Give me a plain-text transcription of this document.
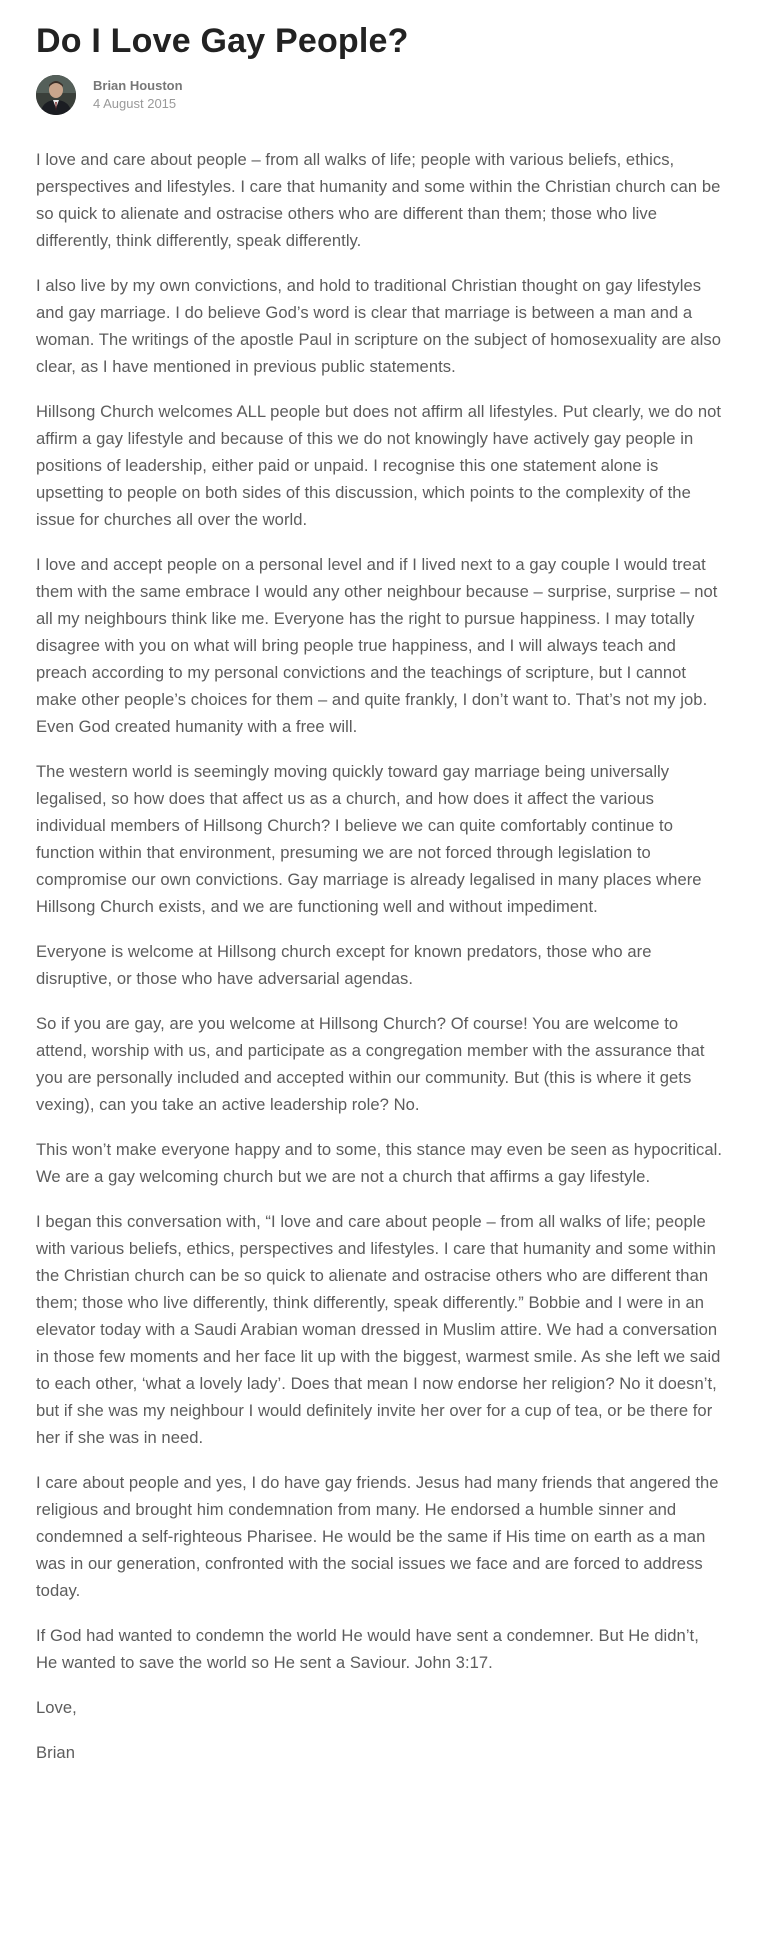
Do I Love Gay People?
Brian Houston
4 August 2015

I love and care about people – from all walks of life; people with various beliefs, ethics, perspectives and lifestyles. I care that humanity and some within the Christian church can be so quick to alienate and ostracise others who are different than them; those who live differently, think differently, speak differently.

I also live by my own convictions, and hold to traditional Christian thought on gay lifestyles and gay marriage. I do believe God’s word is clear that marriage is between a man and a woman. The writings of the apostle Paul in scripture on the subject of homosexuality are also clear, as I have mentioned in previous public statements.

Hillsong Church welcomes ALL people but does not affirm all lifestyles. Put clearly, we do not affirm a gay lifestyle and because of this we do not knowingly have actively gay people in positions of leadership, either paid or unpaid. I recognise this one statement alone is upsetting to people on both sides of this discussion, which points to the complexity of the issue for churches all over the world.

I love and accept people on a personal level and if I lived next to a gay couple I would treat them with the same embrace I would any other neighbour because – surprise, surprise – not all my neighbours think like me. Everyone has the right to pursue happiness. I may totally disagree with you on what will bring people true happiness, and I will always teach and preach according to my personal convictions and the teachings of scripture, but I cannot make other people’s choices for them – and quite frankly, I don’t want to. That’s not my job. Even God created humanity with a free will.

The western world is seemingly moving quickly toward gay marriage being universally legalised, so how does that affect us as a church, and how does it affect the various individual members of Hillsong Church? I believe we can quite comfortably continue to function within that environment, presuming we are not forced through legislation to compromise our own convictions. Gay marriage is already legalised in many places where Hillsong Church exists, and we are functioning well and without impediment.

Everyone is welcome at Hillsong church except for known predators, those who are disruptive, or those who have adversarial agendas.

So if you are gay, are you welcome at Hillsong Church? Of course! You are welcome to attend, worship with us, and participate as a congregation member with the assurance that you are personally included and accepted within our community. But (this is where it gets vexing), can you take an active leadership role? No.

This won’t make everyone happy and to some, this stance may even be seen as hypocritical. We are a gay welcoming church but we are not a church that affirms a gay lifestyle.

I began this conversation with, “I love and care about people – from all walks of life; people with various beliefs, ethics, perspectives and lifestyles. I care that humanity and some within the Christian church can be so quick to alienate and ostracise others who are different than them; those who live differently, think differently, speak differently.” Bobbie and I were in an elevator today with a Saudi Arabian woman dressed in Muslim attire. We had a conversation in those few moments and her face lit up with the biggest, warmest smile. As she left we said to each other, ‘what a lovely lady’. Does that mean I now endorse her religion? No it doesn’t, but if she was my neighbour I would definitely invite her over for a cup of tea, or be there for her if she was in need.

I care about people and yes, I do have gay friends. Jesus had many friends that angered the religious and brought him condemnation from many. He endorsed a humble sinner and condemned a self-righteous Pharisee. He would be the same if His time on earth as a man was in our generation, confronted with the social issues we face and are forced to address today.

If God had wanted to condemn the world He would have sent a condemner. But He didn’t, He wanted to save the world so He sent a Saviour. John 3:17.

Love,

Brian
